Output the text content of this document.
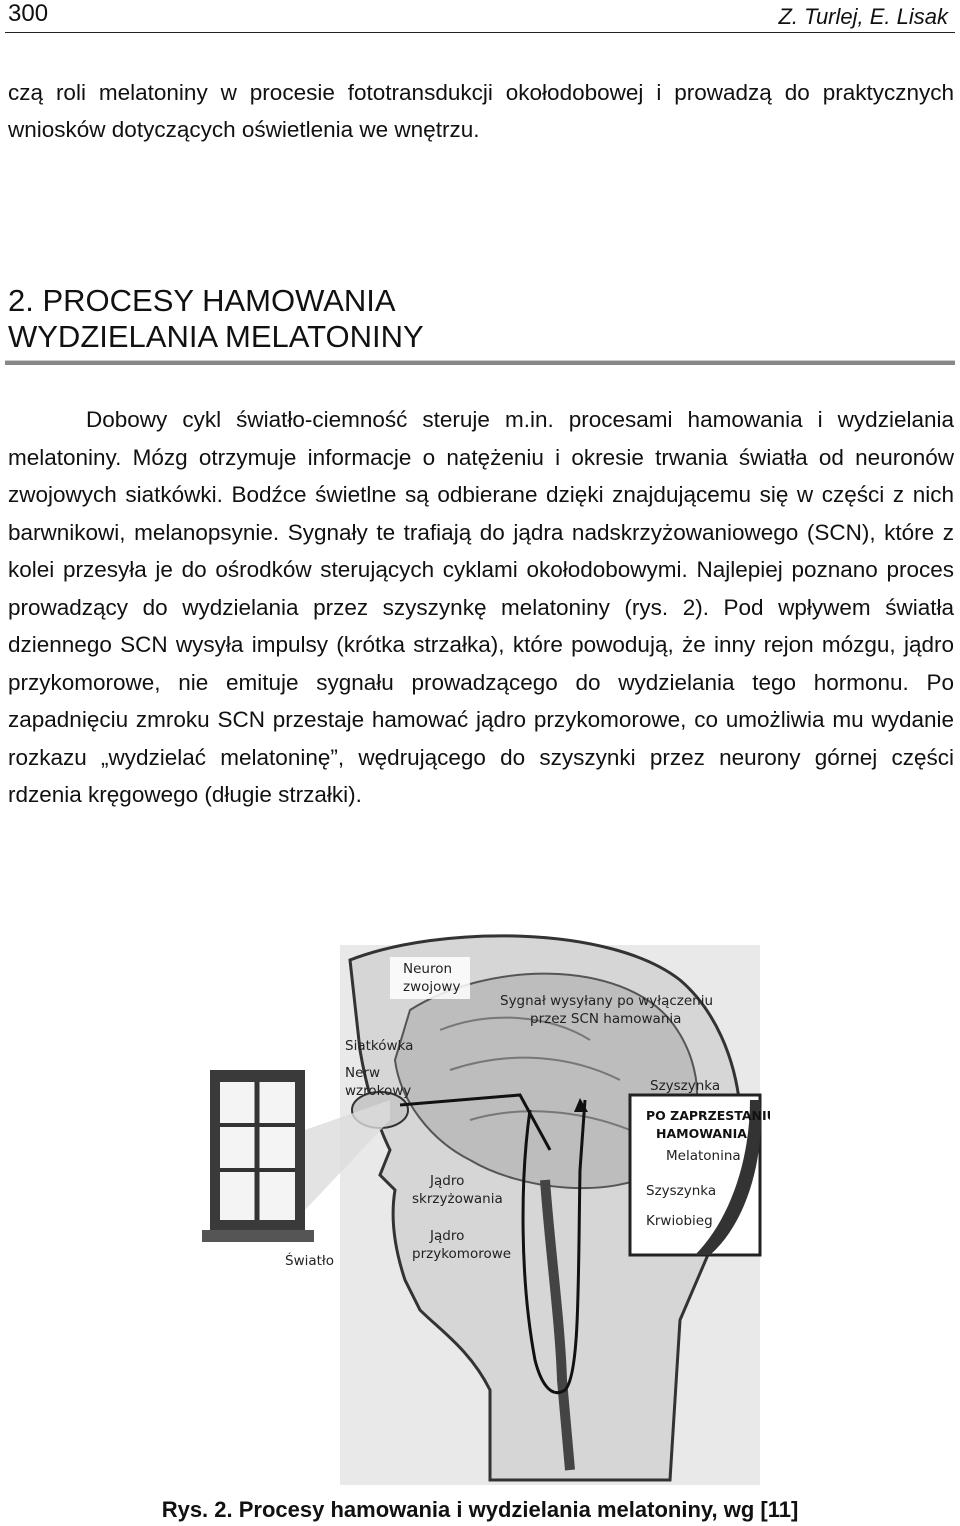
300	Z. Turlej, E. Lisak
czą roli melatoniny w procesie fototransdukcji okołodobowej i prowadzą do praktycznych wniosków dotyczących oświetlenia we wnętrzu.
2. PROCESY HAMOWANIA
WYDZIELANIA MELATONINY

Dobowy cykl światło-ciemność steruje m.in. procesami hamowania i wydzielania melatoniny. Mózg otrzymuje informacje o natężeniu i okresie trwania światła od neuronów zwojowych siatkówki. Bodźce świetlne są odbierane dzięki znajdującemu się w części z nich barwnikowi, melanopsynie. Sygnały te trafiają do jądra nadskrzyżowaniowego (SCN), które z kolei przesyła je do ośrodków sterujących cyklami okołodobowymi. Najlepiej poznano proces prowadzący do wydzielania przez szyszynkę melatoniny (rys. 2). Pod wpływem światła dziennego SCN wysyła impulsy (krótka strzałka), które powodują, że inny rejon mózgu, jądro przykomorowe, nie emituje sygnału prowadzącego do wydzielania tego hormonu. Po zapadnięciu zmroku SCN przestaje hamować jądro przykomorowe, co umożliwia mu wydanie rozkazu „wydzielać melatoninę”, wędrującego do szyszynki przez neurony górnej części rdzenia kręgowego (długie strzałki).

Neuron
zwojowy
Sygnał wysyłany po wyłączeniu
przez SCN hamowania
Siatkówka
Nerw
wzrokowy	Szyszynka
PO ZAPRZESTANIU
HAMOWANIA
Melatonina
Szyszynka
Krwiobieg
Światło
Jądro
skrzyżowania
Jądro
przykomorowe
Rys. 2. Procesy hamowania i wydzielania melatoniny, wg [11]
